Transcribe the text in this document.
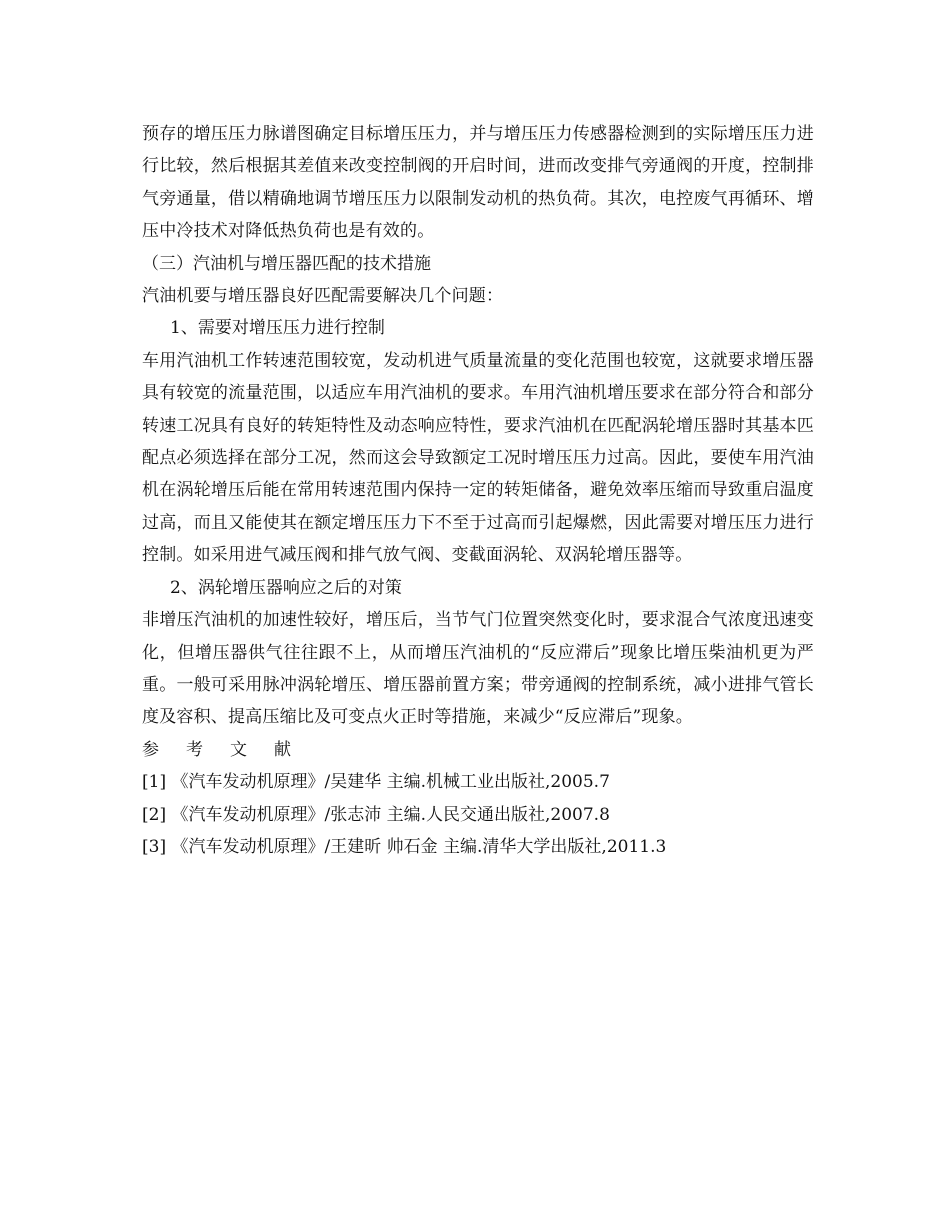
预存的增压压力脉谱图确定目标增压压力，并与增压压力传感器检测到的实际增压压力进行比较，然后根据其差值来改变控制阀的开启时间，进而改变排气旁通阀的开度，控制排气旁通量，借以精确地调节增压压力以限制发动机的热负荷。其次，电控废气再循环、增压中冷技术对降低热负荷也是有效的。

（三）汽油机与增压器匹配的技术措施

汽油机要与增压器良好匹配需要解决几个问题：

1、需要对增压压力进行控制

车用汽油机工作转速范围较宽，发动机进气质量流量的变化范围也较宽，这就要求增压器具有较宽的流量范围，以适应车用汽油机的要求。车用汽油机增压要求在部分符合和部分转速工况具有良好的转矩特性及动态响应特性，要求汽油机在匹配涡轮增压器时其基本匹配点必须选择在部分工况，然而这会导致额定工况时增压压力过高。因此，要使车用汽油机在涡轮增压后能在常用转速范围内保持一定的转矩储备，避免效率压缩而导致重启温度过高，而且又能使其在额定增压压力下不至于过高而引起爆燃，因此需要对增压压力进行控制。如采用进气减压阀和排气放气阀、变截面涡轮、双涡轮增压器等。

2、涡轮增压器响应之后的对策

非增压汽油机的加速性较好，增压后，当节气门位置突然变化时，要求混合气浓度迅速变化，但增压器供气往往跟不上，从而增压汽油机的“反应滞后”现象比增压柴油机更为严重。一般可采用脉冲涡轮增压、增压器前置方案；带旁通阀的控制系统，减小进排气管长度及容积、提高压缩比及可变点火正时等措施，来减少“反应滞后”现象。

参 考 文 献

[1] 《汽车发动机原理》/吴建华 主编.机械工业出版社,2005.7

[2] 《汽车发动机原理》/张志沛 主编.人民交通出版社,2007.8

[3] 《汽车发动机原理》/王建昕 帅石金 主编.清华大学出版社,2011.3
